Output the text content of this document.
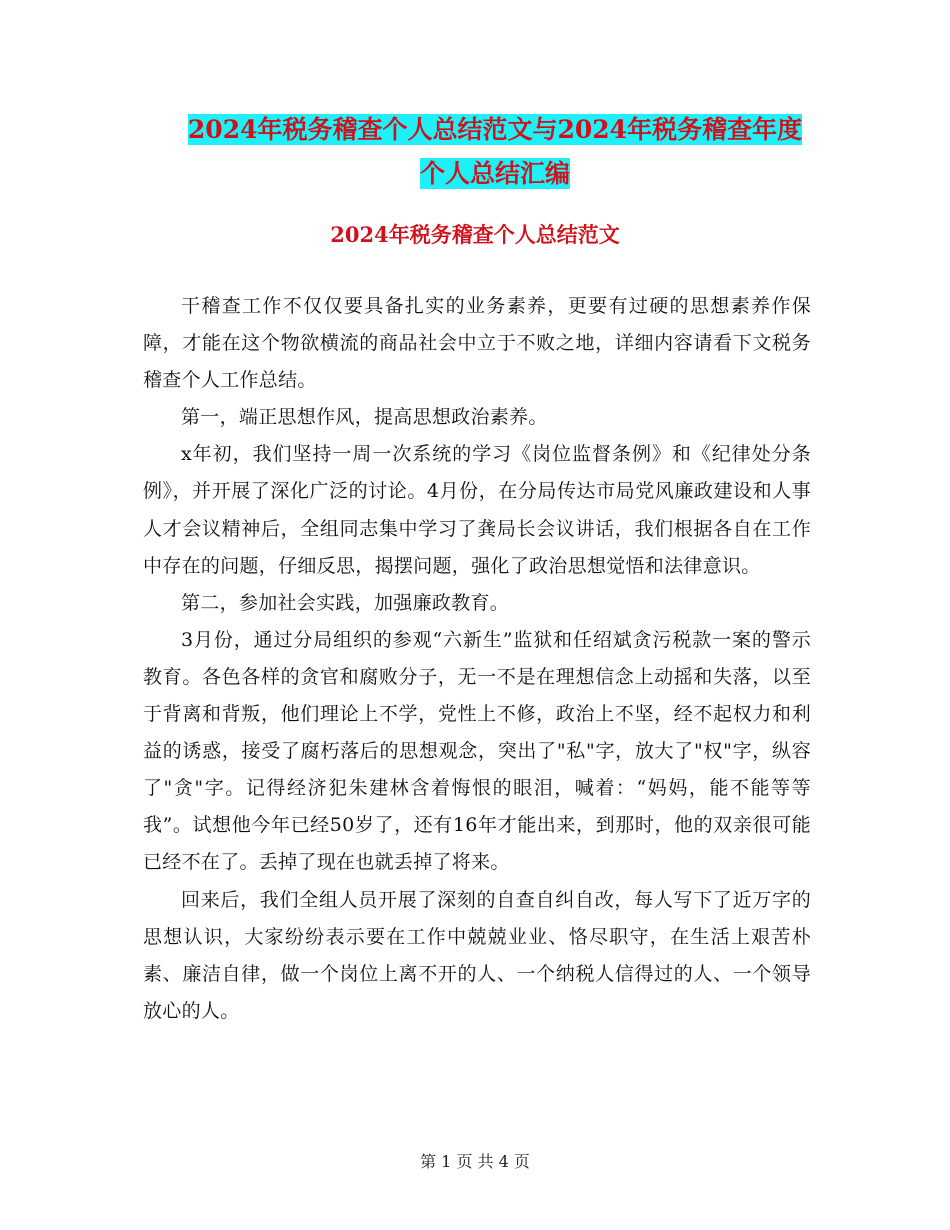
2024年税务稽查个人总结范文与2024年税务稽查年度
个人总结汇编
2024年税务稽查个人总结范文

干稽查工作不仅仅要具备扎实的业务素养，更要有过硬的思想素养作保障，才能在这个物欲横流的商品社会中立于不败之地，详细内容请看下文税务稽查个人工作总结。

第一，端正思想作风，提高思想政治素养。

x年初，我们坚持一周一次系统的学习《岗位监督条例》和《纪律处分条例》，并开展了深化广泛的讨论。4月份，在分局传达市局党风廉政建设和人事人才会议精神后，全组同志集中学习了龚局长会议讲话，我们根据各自在工作中存在的问题，仔细反思，揭摆问题，强化了政治思想觉悟和法律意识。

第二，参加社会实践，加强廉政教育。

3月份，通过分局组织的参观“六新生”监狱和任绍斌贪污税款一案的警示教育。各色各样的贪官和腐败分子，无一不是在理想信念上动摇和失落，以至于背离和背叛，他们理论上不学，党性上不修，政治上不坚，经不起权力和利益的诱惑，接受了腐朽落后的思想观念，突出了"私"字，放大了"权"字，纵容了"贪"字。记得经济犯朱建林含着悔恨的眼泪，喊着：“妈妈，能不能等等我”。试想他今年已经50岁了，还有16年才能出来，到那时，他的双亲很可能已经不在了。丢掉了现在也就丢掉了将来。

回来后，我们全组人员开展了深刻的自查自纠自改，每人写下了近万字的思想认识，大家纷纷表示要在工作中兢兢业业、恪尽职守，在生活上艰苦朴素、廉洁自律，做一个岗位上离不开的人、一个纳税人信得过的人、一个领导放心的人。

第 1 页 共 4 页
